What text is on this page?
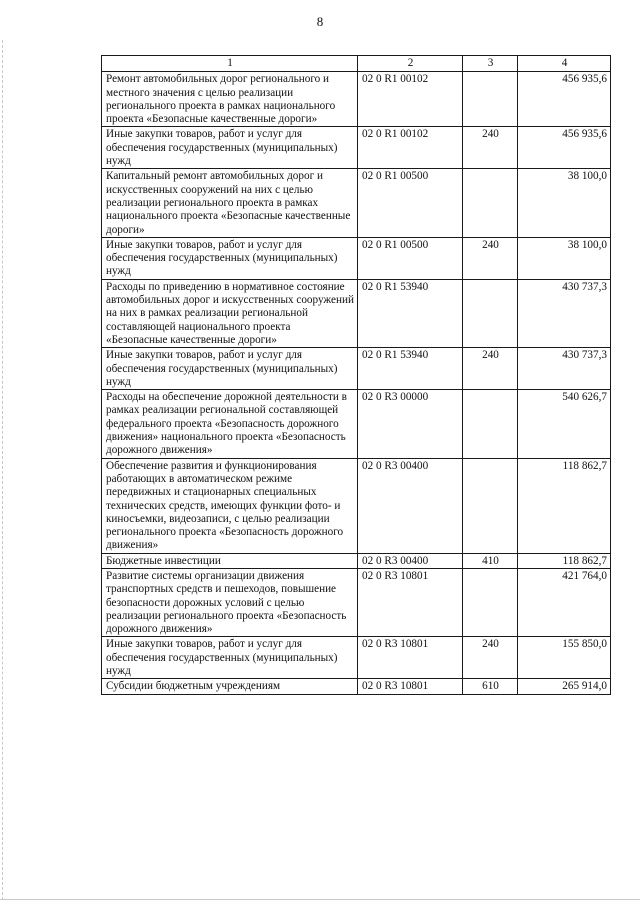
8
1	2	3	4
Ремонт автомобильных дорог регионального и местного значения с целью реализации регионального проекта в рамках национального проекта «Безопасные качественные дороги»	02 0 R1 00102		456 935,6
Иные закупки товаров, работ и услуг для обеспечения государственных (муниципальных) нужд	02 0 R1 00102	240	456 935,6
Капитальный ремонт автомобильных дорог и искусственных сооружений на них с целью реализации регионального проекта в рамках национального проекта «Безопасные качественные дороги»	02 0 R1 00500		38 100,0
Иные закупки товаров, работ и услуг для обеспечения государственных (муниципальных) нужд	02 0 R1 00500	240	38 100,0
Расходы по приведению в нормативное состояние автомобильных дорог и искусственных сооружений на них в рамках реализации региональной составляющей национального проекта «Безопасные качественные дороги»	02 0 R1 53940		430 737,3
Иные закупки товаров, работ и услуг для обеспечения государственных (муниципальных) нужд	02 0 R1 53940	240	430 737,3
Расходы на обеспечение дорожной деятельности в рамках реализации региональной составляющей федерального проекта «Безопасность дорожного движения» национального проекта «Безопасность дорожного движения»	02 0 R3 00000		540 626,7
Обеспечение развития и функционирования работающих в автоматическом режиме передвижных и стационарных специальных технических средств, имеющих функции фото- и киносъемки, видеозаписи, с целью реализации регионального проекта «Безопасность дорожного движения»	02 0 R3 00400		118 862,7
Бюджетные инвестиции	02 0 R3 00400	410	118 862,7
Развитие системы организации движения транспортных средств и пешеходов, повышение безопасности дорожных условий с целью реализации регионального проекта «Безопасность дорожного движения»	02 0 R3 10801		421 764,0
Иные закупки товаров, работ и услуг для обеспечения государственных (муниципальных) нужд	02 0 R3 10801	240	155 850,0
Субсидии бюджетным учреждениям	02 0 R3 10801	610	265 914,0
